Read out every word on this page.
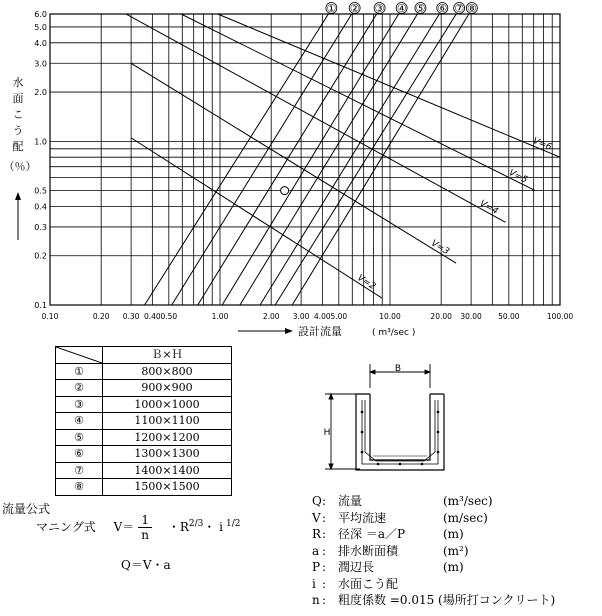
0.1
0.2
0.3
0.4
0.5
1.0
2.0
3.0
4.0
5.0
6.0
0.10	0.20 0.30 0.40 0.50	1.00	2.00 3.00 4.00 5.00	10.00	20.00 30.00 50.00	100.00
水
面
こ
う
配
（％）
設計流量	( m³/sec )
① ② ③ ④ ⑤ ⑥ ⑦ ⑧
V=2
V=3
V=4
V=5
V=6
	Ｂ×Ｈ
①	800×800
②	900×900
③	1000×1000
④	1100×1100
⑤	1200×1200
⑥	1300×1300
⑦	1400×1400
⑧	1500×1500
B
H
流量公式
マニング式 $V= \frac{1}{n}$ ・$R^{2/3}$・ i $^{1/2}$
Q＝V・a
Q : 流量	(m³/sec)
V : 平均流速	(m/sec)
R : 径深 ＝a／P	(m)
a : 排水断面積	(m²)
P : 潤辺長	(m)
i : 水面こう配
n : 粗度係数 =0.015 (場所打コンクリート)
